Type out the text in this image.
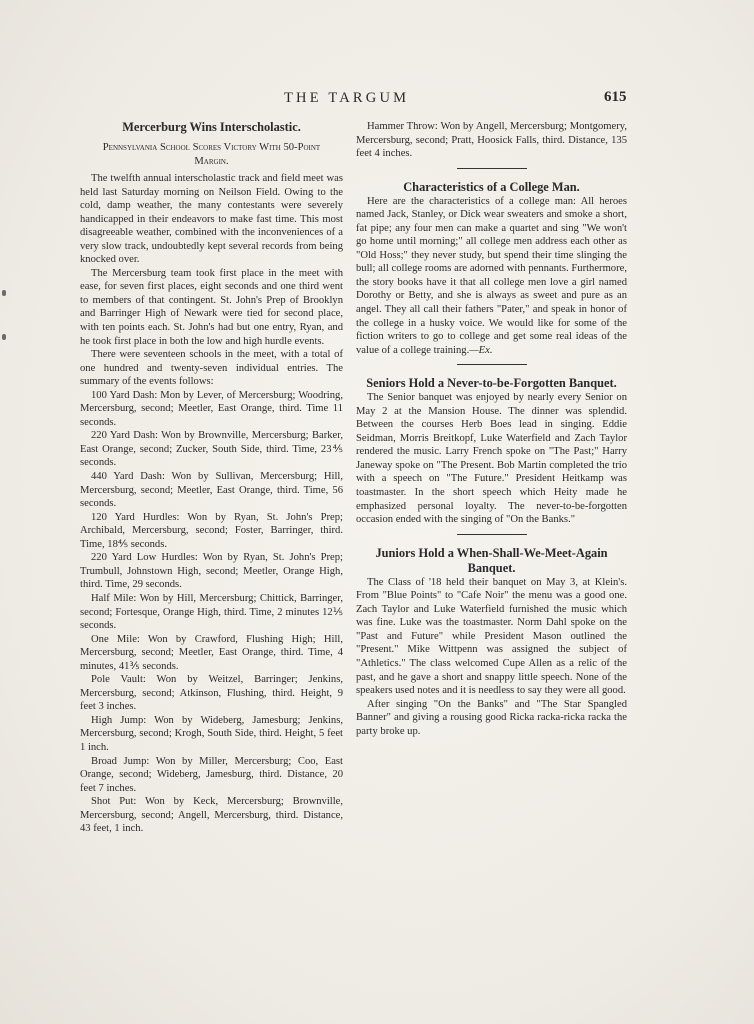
THE TARGUM	615
Mercerburg Wins Interscholastic.
Pennsylvania School Scores Victory With 50-Point Margin.

The twelfth annual interscholastic track and field meet was held last Saturday morning on Neilson Field. Owing to the cold, damp weather, the many contestants were severely handicapped in their endeavors to make fast time. This most disagreeable weather, combined with the inconveniences of a very slow track, undoubtedly kept several records from being knocked over.

The Mercersburg team took first place in the meet with ease, for seven first places, eight seconds and one third went to members of that contingent. St. John's Prep of Brooklyn and Barringer High of Newark were tied for second place, with ten points each. St. John's had but one entry, Ryan, and he took first place in both the low and high hurdle events.

There were seventeen schools in the meet, with a total of one hundred and twenty-seven individual entries. The summary of the events follows:

100 Yard Dash: Mon by Lever, of Mercersburg; Woodring, Mercersburg, second; Meetler, East Orange, third. Time 11 seconds.

220 Yard Dash: Won by Brownville, Mercersburg; Barker, East Orange, second; Zucker, South Side, third. Time, 23⅘ seconds.

440 Yard Dash: Won by Sullivan, Mercersburg; Hill, Mercersburg, second; Meetler, East Orange, third. Time, 56 seconds.

120 Yard Hurdles: Won by Ryan, St. John's Prep; Archibald, Mercersburg, second; Foster, Barringer, third. Time, 18⅘ seconds.

220 Yard Low Hurdles: Won by Ryan, St. John's Prep; Trumbull, Johnstown High, second; Meetler, Orange High, third. Time, 29 seconds.

Half Mile: Won by Hill, Mercersburg; Chittick, Barringer, second; Fortesque, Orange High, third. Time, 2 minutes 12⅕ seconds.

One Mile: Won by Crawford, Flushing High; Hill, Mercersburg, second; Meetler, East Orange, third. Time, 4 minutes, 41⅗ seconds.

Pole Vault: Won by Weitzel, Barringer; Jenkins, Mercersburg, second; Atkinson, Flushing, third. Height, 9 feet 3 inches.

High Jump: Won by Wideberg, Jamesburg; Jenkins, Mercersburg, second; Krogh, South Side, third. Height, 5 feet 1 inch.

Broad Jump: Won by Miller, Mercersburg; Coo, East Orange, second; Wideberg, Jamesburg, third. Distance, 20 feet 7 inches.

Shot Put: Won by Keck, Mercersburg; Brownville, Mercersburg, second; Angell, Mercersburg, third. Distance, 43 feet, 1 inch.

Hammer Throw: Won by Angell, Mercersburg; Montgomery, Mercersburg, second; Pratt, Hoosick Falls, third. Distance, 135 feet 4 inches.

Characteristics of a College Man.

Here are the characteristics of a college man: All heroes named Jack, Stanley, or Dick wear sweaters and smoke a short, fat pipe; any four men can make a quartet and sing "We won't go home until morning;" all college men address each other as "Old Hoss;" they never study, but spend their time slinging the bull; all college rooms are adorned with pennants. Furthermore, the story books have it that all college men love a girl named Dorothy or Betty, and she is always as sweet and pure as an angel. They all call their fathers "Pater," and speak in honor of the college in a husky voice. We would like for some of the fiction writers to go to college and get some real ideas of the value of a college training.—Ex.

Seniors Hold a Never-to-be-Forgotten Banquet.

The Senior banquet was enjoyed by nearly every Senior on May 2 at the Mansion House. The dinner was splendid. Between the courses Herb Boes lead in singing. Eddie Seidman, Morris Breitkopf, Luke Waterfield and Zach Taylor rendered the music. Larry French spoke on "The Past;" Harry Janeway spoke on "The Present. Bob Martin completed the trio with a speech on "The Future." President Heitkamp was toastmaster. In the short speech which Heity made he emphasized personal loyalty. The never-to-be-forgotten occasion ended with the singing of "On the Banks."

Juniors Hold a When-Shall-We-Meet-Again Banquet.

The Class of '18 held their banquet on May 3, at Klein's. From "Blue Points" to "Cafe Noir" the menu was a good one. Zach Taylor and Luke Waterfield furnished the music which was fine. Luke was the toastmaster. Norm Dahl spoke on the "Past and Future" while President Mason outlined the "Present." Mike Wittpenn was assigned the subject of "Athletics." The class welcomed Cupe Allen as a relic of the past, and he gave a short and snappy little speech. None of the speakers used notes and it is needless to say they were all good.

After singing "On the Banks" and "The Star Spangled Banner" and giving a rousing good Ricka racka-ricka racka the party broke up.
